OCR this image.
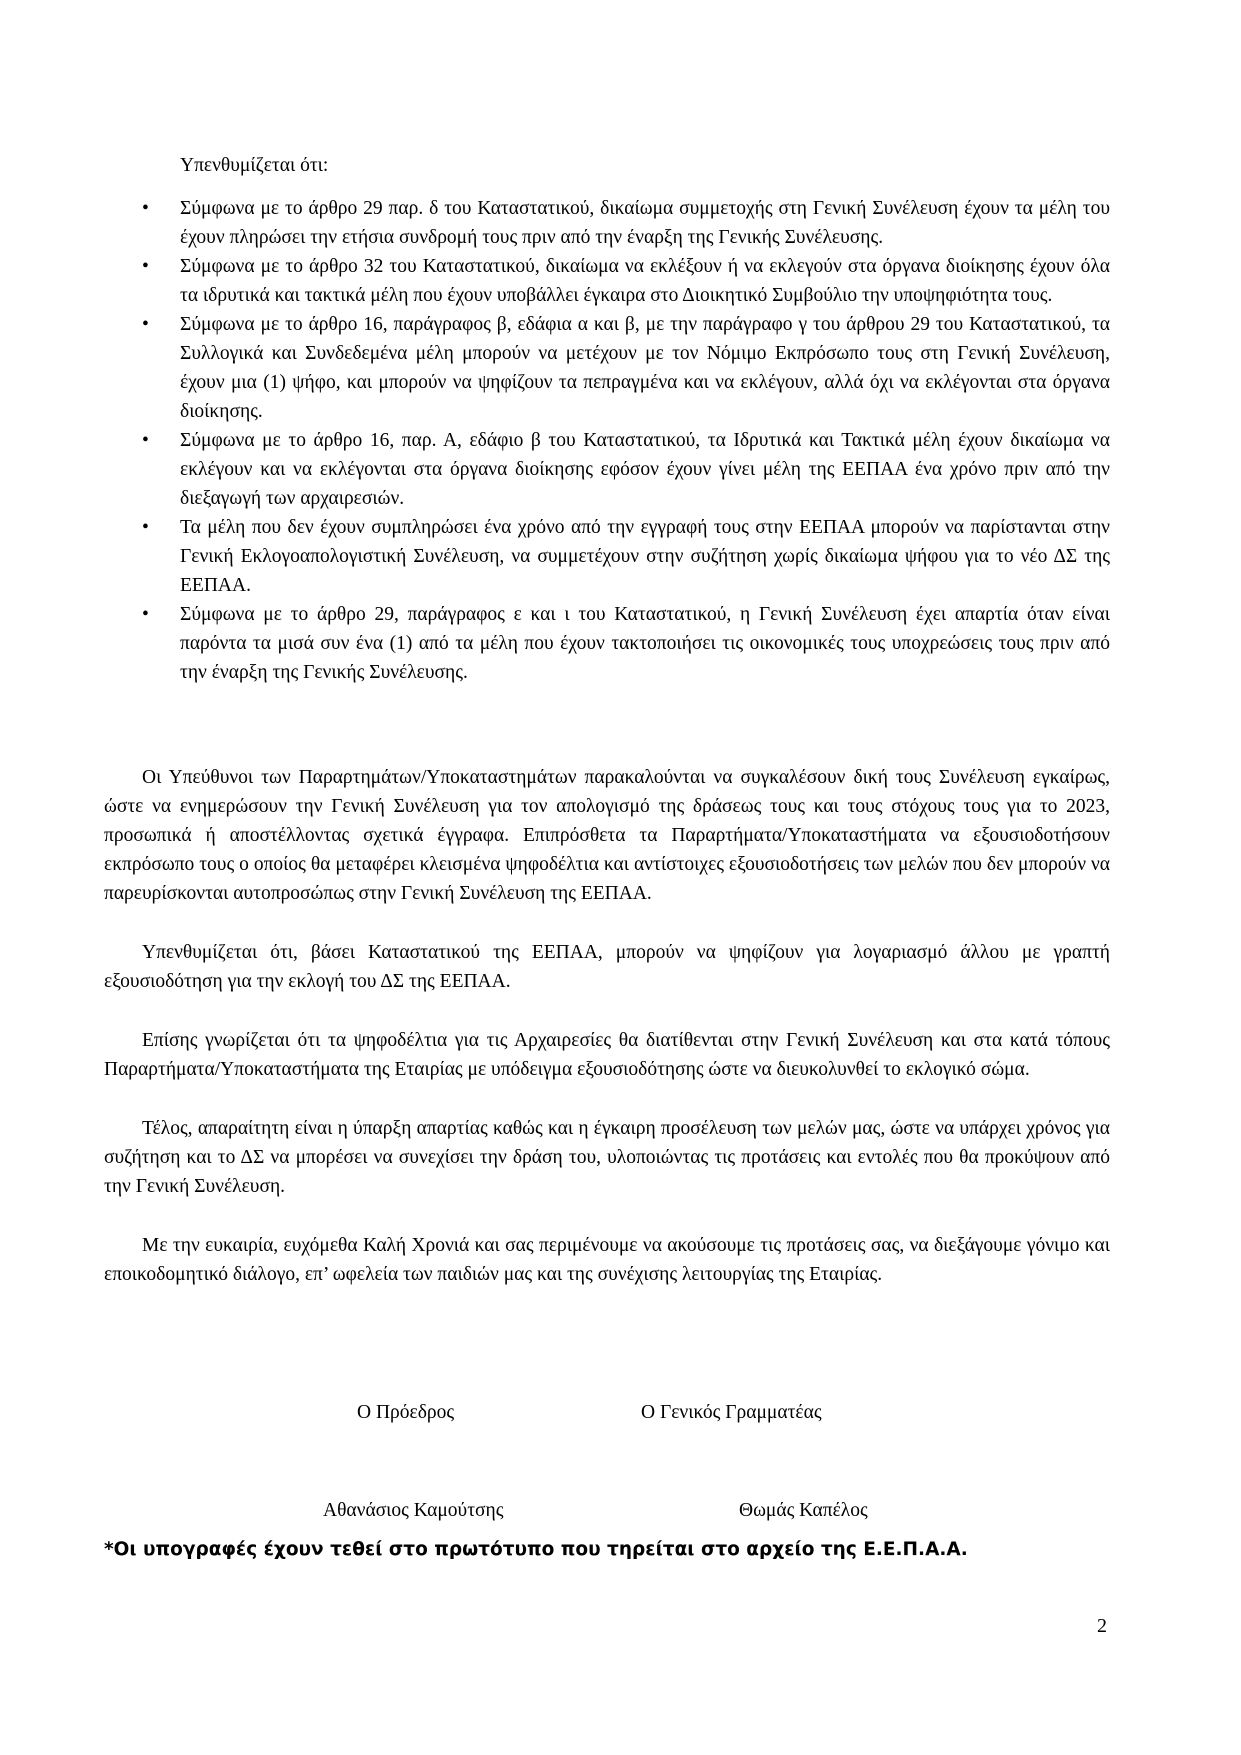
Υπενθυμίζεται ότι:
• Σύμφωνα με το άρθρο 29 παρ. δ του Καταστατικού, δικαίωμα συμμετοχής στη Γενική Συνέλευση έχουν τα μέλη του έχουν πληρώσει την ετήσια συνδρομή τους πριν από την έναρξη της Γενικής Συνέλευσης.
• Σύμφωνα με το άρθρο 32 του Καταστατικού, δικαίωμα να εκλέξουν ή να εκλεγούν στα όργανα διοίκησης έχουν όλα τα ιδρυτικά και τακτικά μέλη που έχουν υποβάλλει έγκαιρα στο Διοικητικό Συμβούλιο την υποψηφιότητα τους.
• Σύμφωνα με το άρθρο 16, παράγραφος β, εδάφια α και β, με την παράγραφο γ του άρθρου 29 του Καταστατικού, τα Συλλογικά και Συνδεδεμένα μέλη μπορούν να μετέχουν με τον Νόμιμο Εκπρόσωπο τους στη Γενική Συνέλευση, έχουν μια (1) ψήφο, και μπορούν να ψηφίζουν τα πεπραγμένα και να εκλέγουν, αλλά όχι να εκλέγονται στα όργανα διοίκησης.
• Σύμφωνα με το άρθρο 16, παρ. Α, εδάφιο β του Καταστατικού, τα Ιδρυτικά και Τακτικά μέλη έχουν δικαίωμα να εκλέγουν και να εκλέγονται στα όργανα διοίκησης εφόσον έχουν γίνει μέλη της ΕΕΠΑΑ ένα χρόνο πριν από την διεξαγωγή των αρχαιρεσιών.
• Τα μέλη που δεν έχουν συμπληρώσει ένα χρόνο από την εγγραφή τους στην ΕΕΠΑΑ μπορούν να παρίστανται στην Γενική Εκλογοαπολογιστική Συνέλευση, να συμμετέχουν στην συζήτηση χωρίς δικαίωμα ψήφου για το νέο ΔΣ της ΕΕΠΑΑ.
• Σύμφωνα με το άρθρο 29, παράγραφος ε και ι του Καταστατικού, η Γενική Συνέλευση έχει απαρτία όταν είναι παρόντα τα μισά συν ένα (1) από τα μέλη που έχουν τακτοποιήσει τις οικονομικές τους υποχρεώσεις τους πριν από την έναρξη της Γενικής Συνέλευσης.

Οι Υπεύθυνοι των Παραρτημάτων/Υποκαταστημάτων παρακαλούνται να συγκαλέσουν δική τους Συνέλευση εγκαίρως, ώστε να ενημερώσουν την Γενική Συνέλευση για τον απολογισμό της δράσεως τους και τους στόχους τους για το 2023, προσωπικά ή αποστέλλοντας σχετικά έγγραφα. Επιπρόσθετα τα Παραρτήματα/Υποκαταστήματα να εξουσιοδοτήσουν εκπρόσωπο τους ο οποίος θα μεταφέρει κλεισμένα ψηφοδέλτια και αντίστοιχες εξουσιοδοτήσεις των μελών που δεν μπορούν να παρευρίσκονται αυτοπροσώπως στην Γενική Συνέλευση της ΕΕΠΑΑ.

Υπενθυμίζεται ότι, βάσει Καταστατικού της ΕΕΠΑΑ, μπορούν να ψηφίζουν για λογαριασμό άλλου με γραπτή εξουσιοδότηση για την εκλογή του ΔΣ της ΕΕΠΑΑ.

Επίσης γνωρίζεται ότι τα ψηφοδέλτια για τις Αρχαιρεσίες θα διατίθενται στην Γενική Συνέλευση και στα κατά τόπους Παραρτήματα/Υποκαταστήματα της Εταιρίας με υπόδειγμα εξουσιοδότησης ώστε να διευκολυνθεί το εκλογικό σώμα.

Τέλος, απαραίτητη είναι η ύπαρξη απαρτίας καθώς και η έγκαιρη προσέλευση των μελών μας, ώστε να υπάρχει χρόνος για συζήτηση και το ΔΣ να μπορέσει να συνεχίσει την δράση του, υλοποιώντας τις προτάσεις και εντολές που θα προκύψουν από την Γενική Συνέλευση.

Με την ευκαιρία, ευχόμεθα Καλή Χρονιά και σας περιμένουμε να ακούσουμε τις προτάσεις σας, να διεξάγουμε γόνιμο και εποικοδομητικό διάλογο, επ’ ωφελεία των παιδιών μας και της συνέχισης λειτουργίας της Εταιρίας.

Ο Πρόεδρος	Ο Γενικός Γραμματέας
Αθανάσιος Καμούτσης	Θωμάς Καπέλος
*Οι υπογραφές έχουν τεθεί στο πρωτότυπο που τηρείται στο αρχείο της Ε.Ε.Π.Α.Α.
2
